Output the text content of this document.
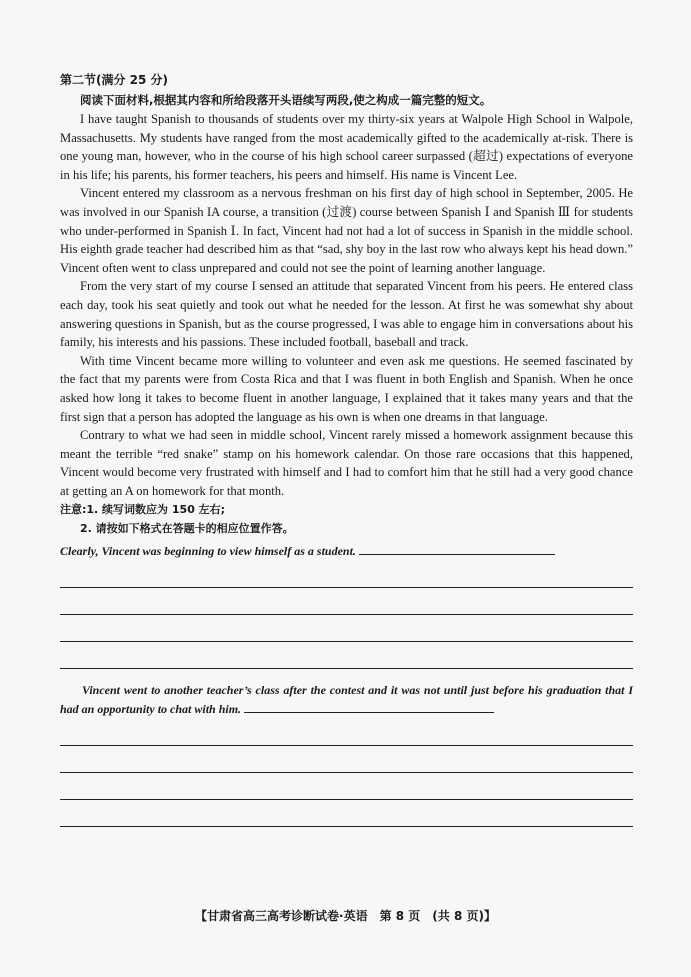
第二节(满分 25 分)

阅读下面材料,根据其内容和所给段落开头语续写两段,使之构成一篇完整的短文。

I have taught Spanish to thousands of students over my thirty-six years at Walpole High School in Walpole, Massachusetts. My students have ranged from the most academically gifted to the academically at-risk. There is one young man, however, who in the course of his high school career surpassed (超过) expectations of everyone in his life; his parents, his former teachers, his peers and himself. His name is Vincent Lee.

Vincent entered my classroom as a nervous freshman on his first day of high school in September, 2005. He was involved in our Spanish IA course, a transition (过渡) course between Spanish Ⅰ and Spanish Ⅲ for students who under-performed in Spanish Ⅰ. In fact, Vincent had not had a lot of success in Spanish in the middle school. His eighth grade teacher had described him as that “sad, shy boy in the last row who always kept his head down.” Vincent often went to class unprepared and could not see the point of learning another language.

From the very start of my course I sensed an attitude that separated Vincent from his peers. He entered class each day, took his seat quietly and took out what he needed for the lesson. At first he was somewhat shy about answering questions in Spanish, but as the course progressed, I was able to engage him in conversations about his family, his interests and his passions. These included football, baseball and track.

With time Vincent became more willing to volunteer and even ask me questions. He seemed fascinated by the fact that my parents were from Costa Rica and that I was fluent in both English and Spanish. When he once asked how long it takes to become fluent in another language, I explained that it takes many years and that the first sign that a person has adopted the language as his own is when one dreams in that language.

Contrary to what we had seen in middle school, Vincent rarely missed a homework assignment because this meant the terrible “red snake” stamp on his homework calendar. On those rare occasions that this happened, Vincent would become very frustrated with himself and I had to comfort him that he still had a very good chance at getting an A on homework for that month.

注意:1. 续写词数应为 150 左右;

2. 请按如下格式在答题卡的相应位置作答。

Clearly, Vincent was beginning to view himself as a student.

Vincent went to another teacher’s class after the contest and it was not until just before his graduation that I had an opportunity to chat with him.

【甘肃省高三高考诊断试卷·英语　第 8 页　(共 8 页)】
